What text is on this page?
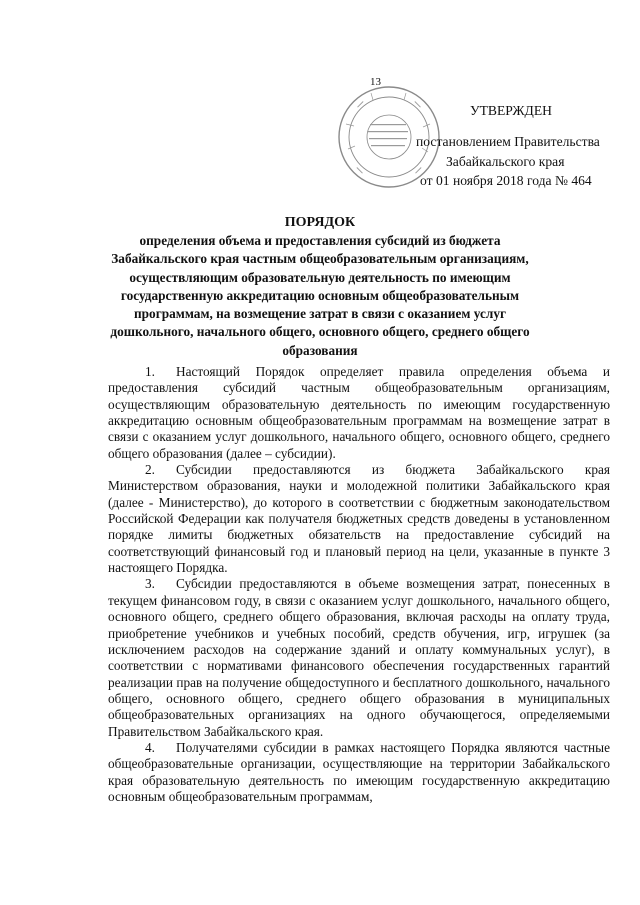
13
УТВЕРЖДЕН
постановлением Правительства
Забайкальского края
от 01 ноября 2018 года № 464
ПОРЯДОК
определения объема и предоставления субсидий из бюджета Забайкальского края частным общеобразовательным организациям, осуществляющим образовательную деятельность по имеющим государственную аккредитацию основным общеобразовательным программам, на возмещение затрат в связи с оказанием услуг дошкольного, начального общего, основного общего, среднего общего образования

1. Настоящий Порядок определяет правила определения объема и предоставления субсидий частным общеобразовательным организациям, осуществляющим образовательную деятельность по имеющим государственную аккредитацию основным общеобразовательным программам на возмещение затрат в связи с оказанием услуг дошкольного, начального общего, основного общего, среднего общего образования (далее – субсидии).

2. Субсидии предоставляются из бюджета Забайкальского края Министерством образования, науки и молодежной политики Забайкальского края (далее - Министерство), до которого в соответствии с бюджетным законодательством Российской Федерации как получателя бюджетных средств доведены в установленном порядке лимиты бюджетных обязательств на предоставление субсидий на соответствующий финансовый год и плановый период на цели, указанные в пункте 3 настоящего Порядка.

3. Субсидии предоставляются в объеме возмещения затрат, понесенных в текущем финансовом году, в связи с оказанием услуг дошкольного, начального общего, основного общего, среднего общего образования, включая расходы на оплату труда, приобретение учебников и учебных пособий, средств обучения, игр, игрушек (за исключением расходов на содержание зданий и оплату коммунальных услуг), в соответствии с нормативами финансового обеспечения государственных гарантий реализации прав на получение общедоступного и бесплатного дошкольного, начального общего, основного общего, среднего общего образования в муниципальных общеобразовательных организациях на одного обучающегося, определяемыми Правительством Забайкальского края.

4. Получателями субсидии в рамках настоящего Порядка являются частные общеобразовательные организации, осуществляющие на территории Забайкальского края образовательную деятельность по имеющим государственную аккредитацию основным общеобразовательным программам,
